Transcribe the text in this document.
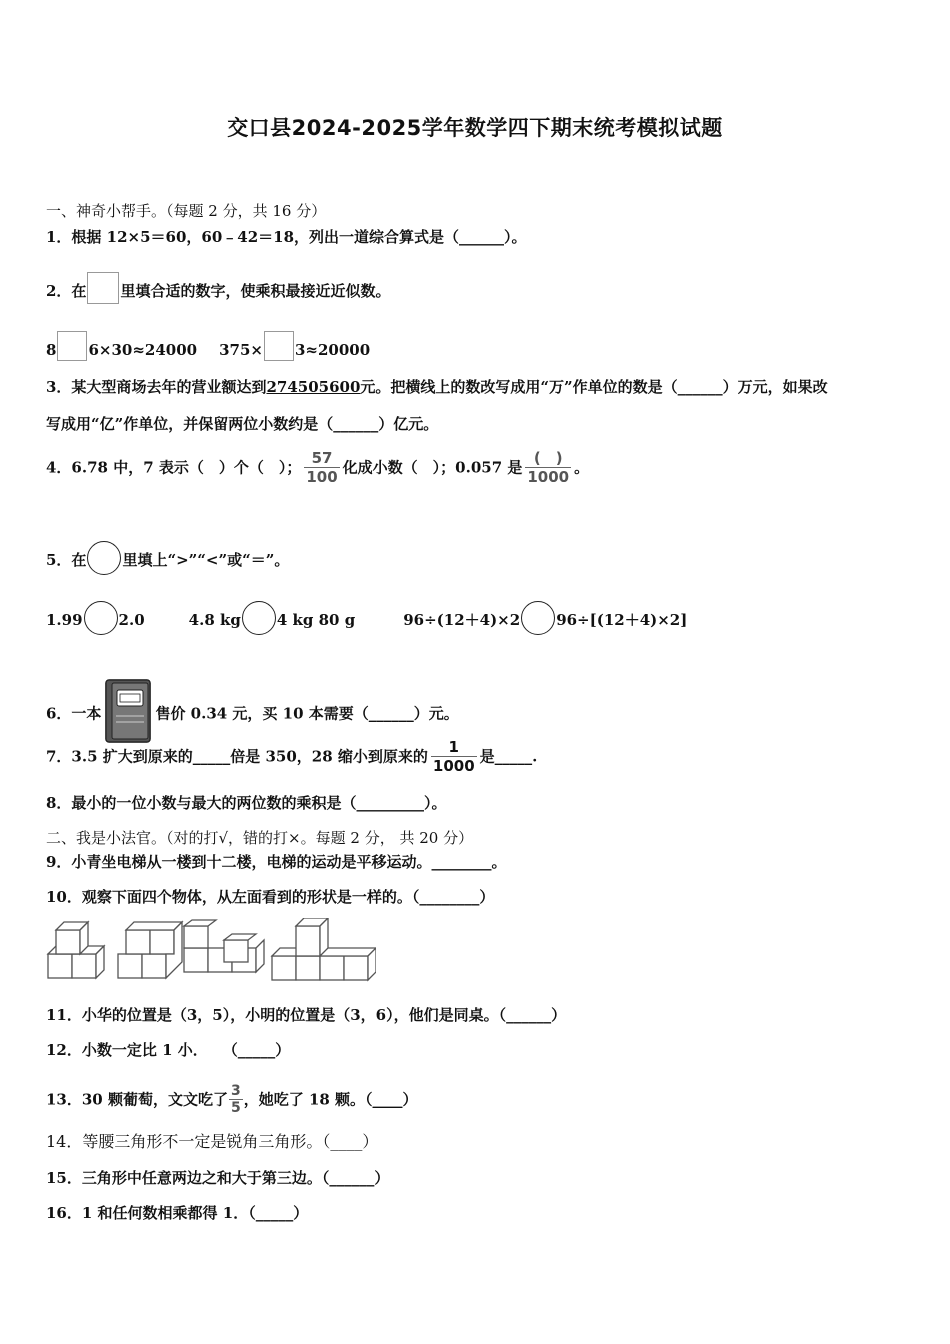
交口县2024-2025学年数学四下期末统考模拟试题
一、神奇小帮手。（每题 2 分，共 16 分）
1．根据 12×5＝60，60﹣42＝18，列出一道综合算式是（______）。
2．在 里填合适的数字，使乘积最接近近似数。
8 6×30≈24000 375× 3≈20000
3．某大型商场去年的营业额达到274505600元。把横线上的数改写成用“万”作单位的数是（______）万元，如果改
写成用“亿”作单位，并保留两位小数约是（______）亿元。
4．6.78 中，7 表示（　）个（　）； $\frac{57}{100}$ 化成小数（　）；0.057 是 $\frac{( )}{1000}$ 。
5．在 里填上“>”“<”或“＝”。
1.99 2.0	4.8 kg 4 kg 80 g	96÷(12＋4)×2 96÷[(12＋4)×2]
6．一本	售价 0.34 元，买 10 本需要（______）元。
7．3.5 扩大到原来的_____倍是 350，28 缩小到原来的 $\frac{1}{1000}$ 是_____.
8．最小的一位小数与最大的两位数的乘积是（_________）。
二、我是小法官。（对的打√，错的打×。每题 2 分， 共 20 分）
9．小青坐电梯从一楼到十二楼，电梯的运动是平移运动。________。
10．观察下面四个物体，从左面看到的形状是一样的。（________）
11．小华的位置是（3，5），小明的位置是（3，6），他们是同桌。（______）
12．小数一定比 1 小．　　（_____）
13．30 颗葡萄，文文吃了 $\frac{3}{5}$ ，她吃了 18 颗。（____）
14．等腰三角形不一定是锐角三角形。（____）
15．三角形中任意两边之和大于第三边。（______）
16．1 和任何数相乘都得 1．（_____）
